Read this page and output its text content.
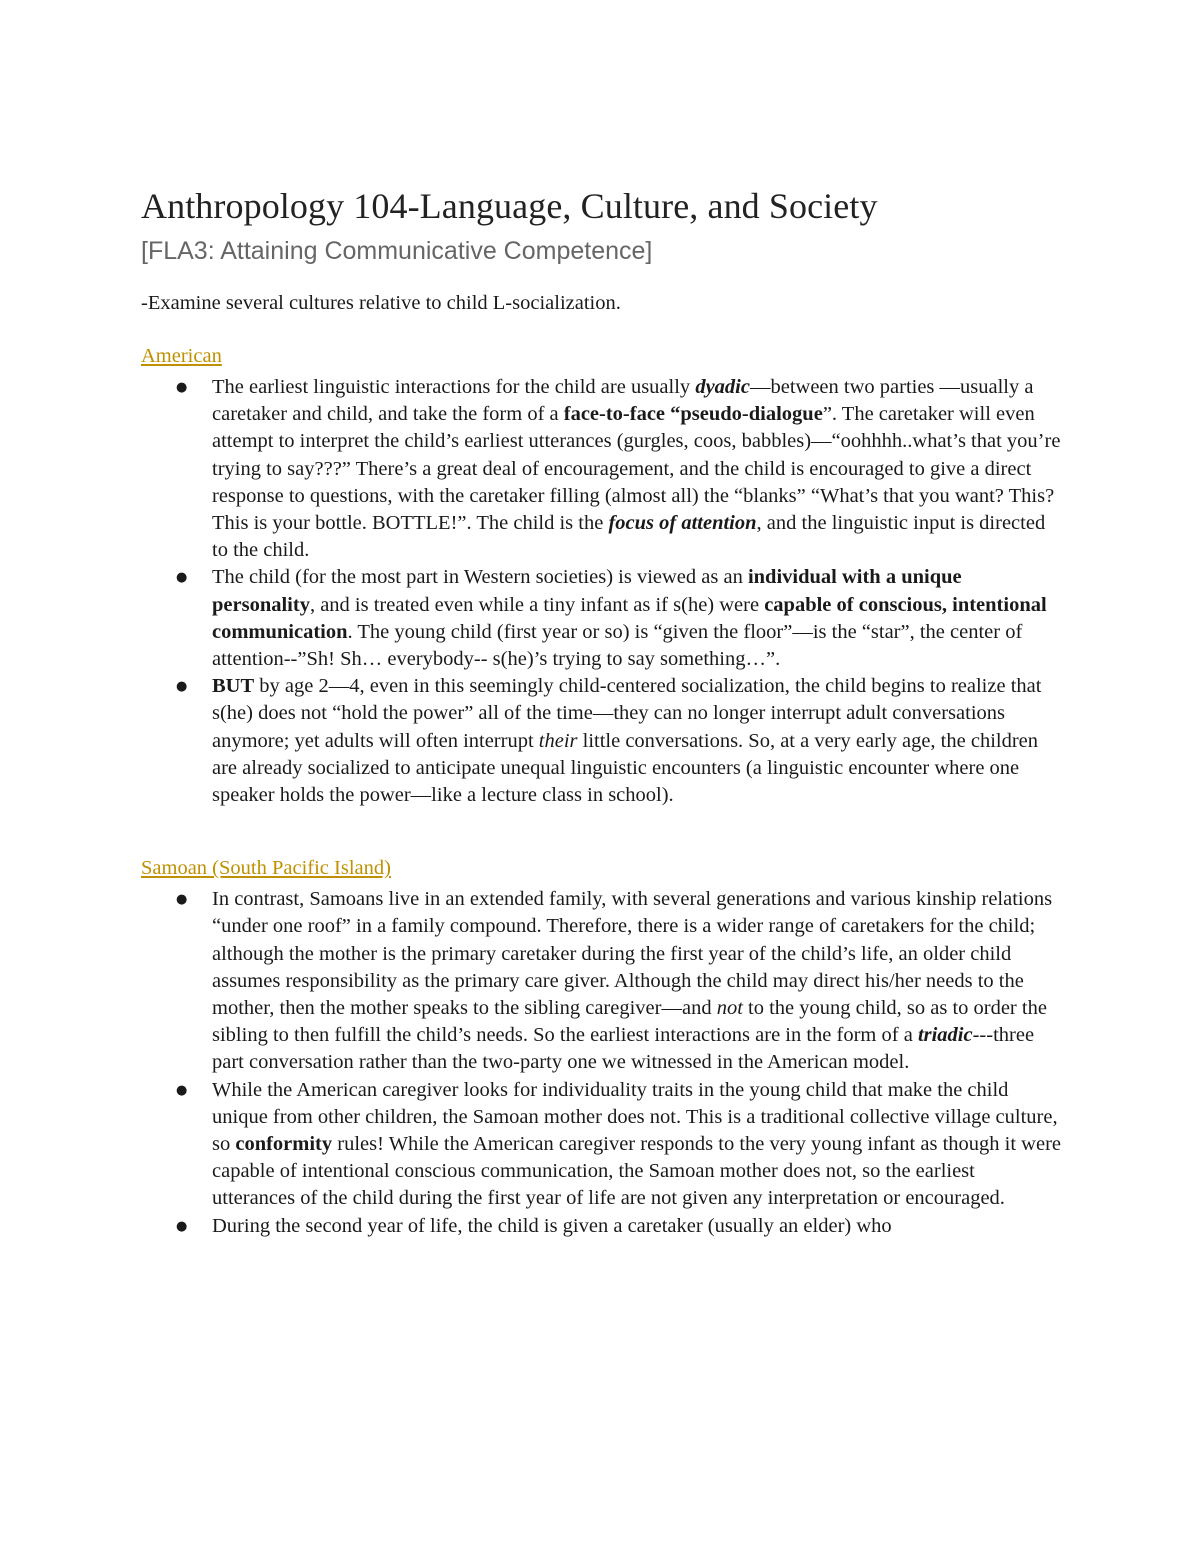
Anthropology 104-Language, Culture, and Society
[FLA3: Attaining Communicative Competence]

-Examine several cultures relative to child L-socialization.

American
● The earliest linguistic interactions for the child are usually dyadic—between two parties —usually a caretaker and child, and take the form of a face-to-face “pseudo-dialogue”. The caretaker will even attempt to interpret the child’s earliest utterances (gurgles, coos, babbles)—“oohhhh..what’s that you’re trying to say???” There’s a great deal of encouragement, and the child is encouraged to give a direct response to questions, with the caretaker filling (almost all) the “blanks” “What’s that you want? This? This is your bottle. BOTTLE!”. The child is the focus of attention, and the linguistic input is directed to the child.
● The child (for the most part in Western societies) is viewed as an individual with a unique personality, and is treated even while a tiny infant as if s(he) were capable of conscious, intentional communication. The young child (first year or so) is “given the floor”—is the “star”, the center of attention--”Sh! Sh… everybody-- s(he)’s trying to say something…”.
● BUT by age 2—4, even in this seemingly child-centered socialization, the child begins to realize that s(he) does not “hold the power” all of the time—they can no longer interrupt adult conversations anymore; yet adults will often interrupt their little conversations. So, at a very early age, the children are already socialized to anticipate unequal linguistic encounters (a linguistic encounter where one speaker holds the power—like a lecture class in school).
Samoan (South Pacific Island)
● In contrast, Samoans live in an extended family, with several generations and various kinship relations “under one roof” in a family compound. Therefore, there is a wider range of caretakers for the child; although the mother is the primary caretaker during the first year of the child’s life, an older child assumes responsibility as the primary care giver. Although the child may direct his/her needs to the mother, then the mother speaks to the sibling caregiver—and not to the young child, so as to order the sibling to then fulfill the child’s needs. So the earliest interactions are in the form of a triadic---three part conversation rather than the two-party one we witnessed in the American model.
● While the American caregiver looks for individuality traits in the young child that make the child unique from other children, the Samoan mother does not. This is a traditional collective village culture, so conformity rules! While the American caregiver responds to the very young infant as though it were capable of intentional conscious communication, the Samoan mother does not, so the earliest utterances of the child during the first year of life are not given any interpretation or encouraged.
● During the second year of life, the child is given a caretaker (usually an elder) who
